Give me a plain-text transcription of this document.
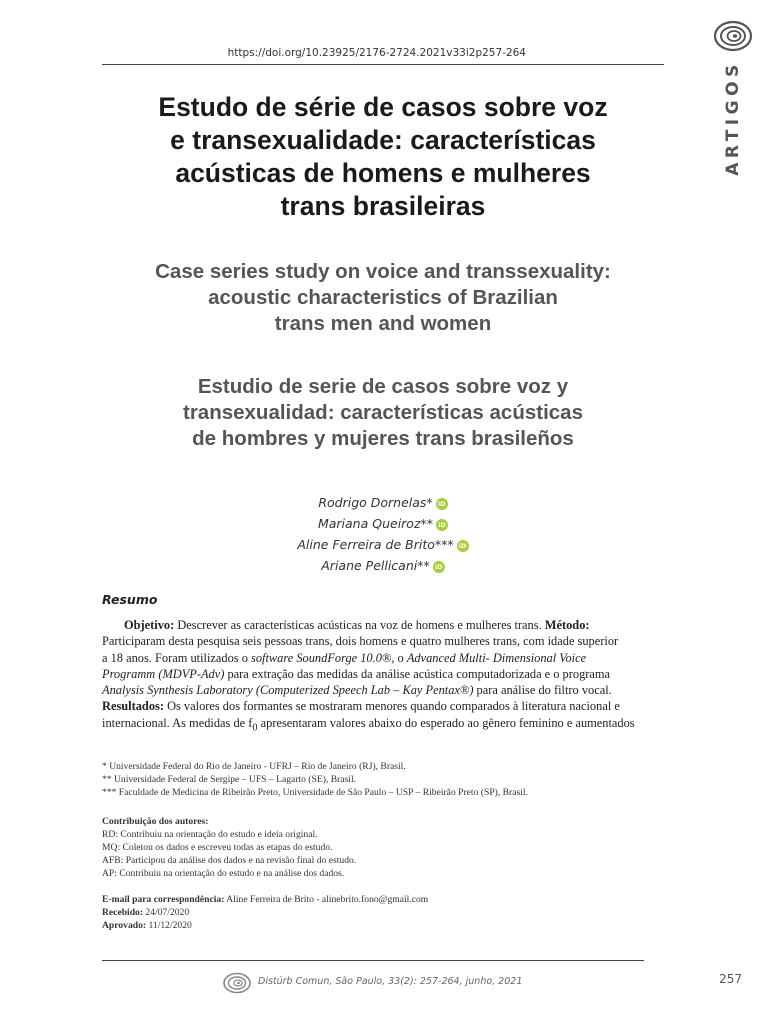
https://doi.org/10.23925/2176-2724.2021v33i2p257-264
ARTIGOS
Estudo de série de casos sobre voz
e transexualidade: características
acústicas de homens e mulheres
trans brasileiras
Case series study on voice and transsexuality:
acoustic characteristics of Brazilian
trans men and women
Estudio de serie de casos sobre voz y
transexualidad: características acústicas
de hombres y mujeres trans brasileños
Rodrigo Dornelas* iD
Mariana Queiroz** iD
Aline Ferreira de Brito*** iD
Ariane Pellicani** iD
Resumo

Objetivo: Descrever as características acústicas na voz de homens e mulheres trans. Método:

Participaram desta pesquisa seis pessoas trans, dois homens e quatro mulheres trans, com idade superior
a 18 anos. Foram utilizados o software SoundForge 10.0®, o Advanced Multi- Dimensional Voice
Programm (MDVP-Adv) para extração das medidas da análise acústica computadorizada e o programa
Analysis Synthesis Laboratory (Computerized Speech Lab – Kay Pentax®) para análise do filtro vocal.
Resultados: Os valores dos formantes se mostraram menores quando comparados à literatura nacional e
internacional. As medidas de $f_0$ apresentaram valores abaixo do esperado ao gênero feminino e aumentados
* Universidade Federal do Rio de Janeiro - UFRJ – Rio de Janeiro (RJ), Brasil.
** Universidade Federal de Sergipe – UFS – Lagarto (SE), Brasil.
*** Faculdade de Medicina de Ribeirão Preto, Universidade de São Paulo – USP – Ribeirão Preto (SP), Brasil.
Contribuição dos autores:
RD: Contribuiu na orientação do estudo e ideia original.
MQ: Coletou os dados e escreveu todas as etapas do estudo.
AFB: Participou da análise dos dados e na revisão final do estudo.
AP: Contribuiu na orientação do estudo e na análise dos dados.
E-mail para correspondência: Aline Ferreira de Brito - alinebrito.fono@gmail.com
Recebido: 24/07/2020
Aprovado: 11/12/2020
Distúrb Comun, São Paulo, 33(2): 257-264, junho, 2021	257
